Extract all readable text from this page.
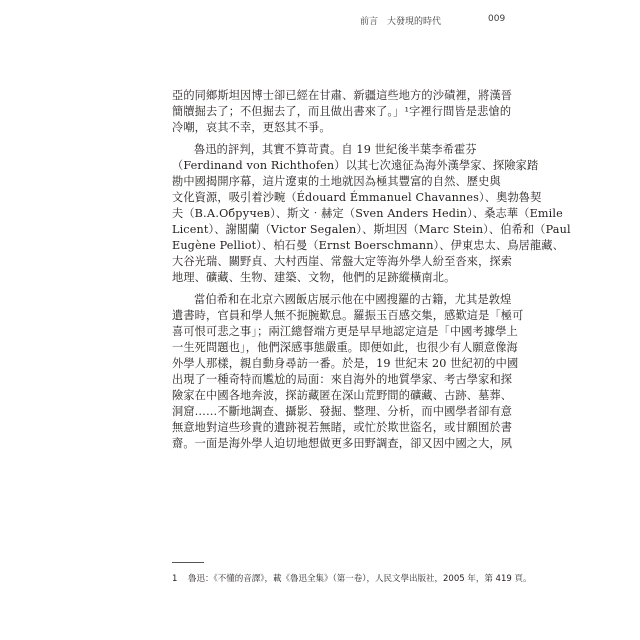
前言　大發現的時代	009
亞的同鄉斯坦因博士卻已經在甘肅、新疆這些地方的沙磧裡，將漢晉
簡牘掘去了；不但掘去了，而且做出書來了。」¹字裡行間皆是悲愴的
冷嘲，哀其不幸，更怒其不爭。
魯迅的評判，其實不算苛責。自 19 世紀後半葉李希霍芬
（Ferdinand von Richthofen）以其七次遠征為海外漢學家、探險家踏
勘中國揭開序幕，這片遼東的土地就因為極其豐富的自然、歷史與
文化資源，吸引着沙畹（Édouard Émmanuel Chavannes）、奧勃魯契
夫（В.А.Обручев）、斯文‧赫定（Sven Anders Hedin）、桑志華（Emile
Licent）、謝閣蘭（Victor Segalen）、斯坦因（Marc Stein）、伯希和（Paul
Eugène Pelliot）、柏石曼（Ernst Boerschmann）、伊東忠太、鳥居龍藏、
大谷光瑞、關野貞、大村西崖、常盤大定等海外學人紛至沓來，探索
地理、礦藏、生物、建築、文物，他們的足跡縱橫南北。
當伯希和在北京六國飯店展示他在中國搜羅的古籍，尤其是敦煌
遺書時，官員和學人無不扼腕歎息。羅振玉百感交集，感歎這是「極可
喜可恨可悲之事」；兩江總督端方更是早早地認定這是「中國考據學上
一生死問題也」，他們深感事態嚴重。即便如此，也很少有人願意像海
外學人那樣，親自動身尋訪一番。於是，19 世紀末 20 世紀初的中國
出現了一種奇特而尷尬的局面：來自海外的地質學家、考古學家和探
險家在中國各地奔波，探訪藏匿在深山荒野間的礦藏、古跡、墓葬、
洞窟……不斷地調查、攝影、發掘、整理、分析，而中國學者卻有意
無意地對這些珍貴的遺跡視若無睹，或忙於欺世盜名，或甘願囿於書
齋。一面是海外學人迫切地想做更多田野調查，卻又因中國之大，夙
1 魯迅：《不懂的音譯》，載《魯迅全集》（第一卷），人民文學出版社，2005 年，第 419 頁。
